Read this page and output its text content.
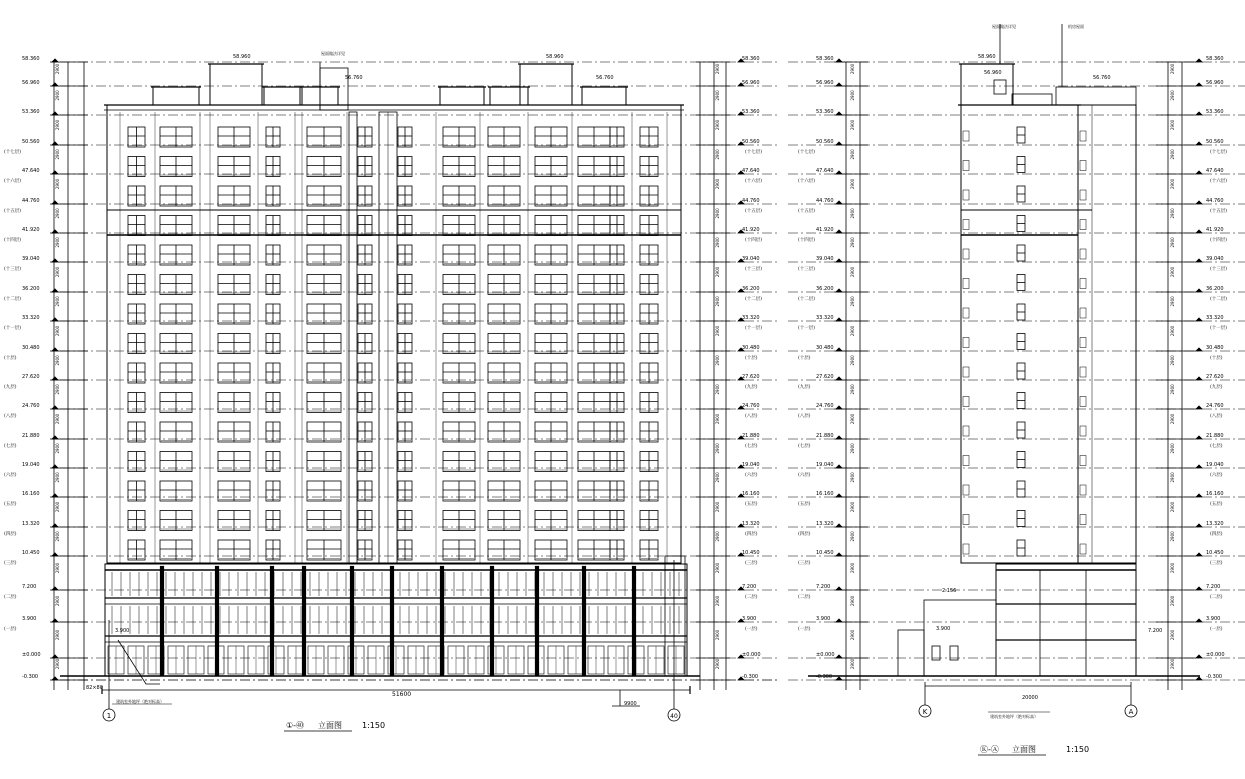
58.360	58.360
2900	2900
56.960	56.960
2900	2900
53.360	53.360
2900	2900
50.560
(十七层)
50.560
(十七层)
2900	2900
47.640
(十六层)
47.640
(十六层)
2900	2900
44.760
(十五层)
44.760
(十五层)
2900	2900
41.920
(十四层)
41.920
(十四层)
2900	2900
39.040
(十三层)
39.040
(十三层)
2900	2900
36.200
(十二层)
36.200
(十二层)
2900	2900
33.320
(十一层)
33.320
(十一层)
2900	2900
30.480
(十层)
30.480
(十层)
2900	2900
27.620
(九层)
27.620
(九层)
2900	2900
24.760
(八层)
24.760
(八层)
2900	2900
21.880
(七层)
21.880
(七层)
2900	2900
19.040
(六层)
19.040
(六层)
2900	2900
16.160
(五层)
16.160
(五层)
2900	2900
13.320
(四层)
13.320
(四层)
2900	2900
10.450
(三层)
10.450
(三层)
2900	2900
7.200
(二层)
7.200
(二层)
2900	2900
3.900
(一层)
3.900
(一层)
2900	2900
±0.000	±0.000
2900	2900
-0.300	-0.300
58.360	58.360
2900	2900
56.960	56.960
2900	2900
53.360	53.360
2900	2900
50.560
(十七层)
50.560
(十七层)
2900	2900
47.640
(十六层)
47.640
(十六层)
2900	2900
44.760
(十五层)
44.760
(十五层)
2900	2900
41.920
(十四层)
41.920
(十四层)
2900	2900
39.040
(十三层)
39.040
(十三层)
2900	2900
36.200
(十二层)
36.200
(十二层)
2900	2900
33.320
(十一层)
33.320
(十一层)
2900	2900
30.480
(十层)
30.480
(十层)
2900	2900
27.620
(九层)
27.620
(九层)
2900	2900
24.760
(八层)
24.760
(八层)
2900	2900
21.880
(七层)
21.880
(七层)
2900	2900
19.040
(六层)
19.040
(六层)
2900	2900
16.160
(五层)
16.160
(五层)
2900	2900
13.320
(四层)
13.320
(四层)
2900	2900
10.450
(三层)
10.450
(三层)
2900	2900
7.200
(二层)
7.200
(二层)
2900	2900
3.900
(一层)
3.900
(一层)
2900	2900
±0.000	±0.000
2900	2900
-0.300	-0.300
建筑室外地坪（绝对标高）
51600
9900
82×80
58.960	58.960
56.760	56.760
3.900
屋面做法详见
建筑室外地坪（绝对标高）
1	40
①-㊵ 立面图	1:150
20000
58.960
56.960
56.760
7.200
3.900
2.156
屋面做法详见	机房屋面
K	A
Ⓚ-Ⓐ 立面图	1:150
